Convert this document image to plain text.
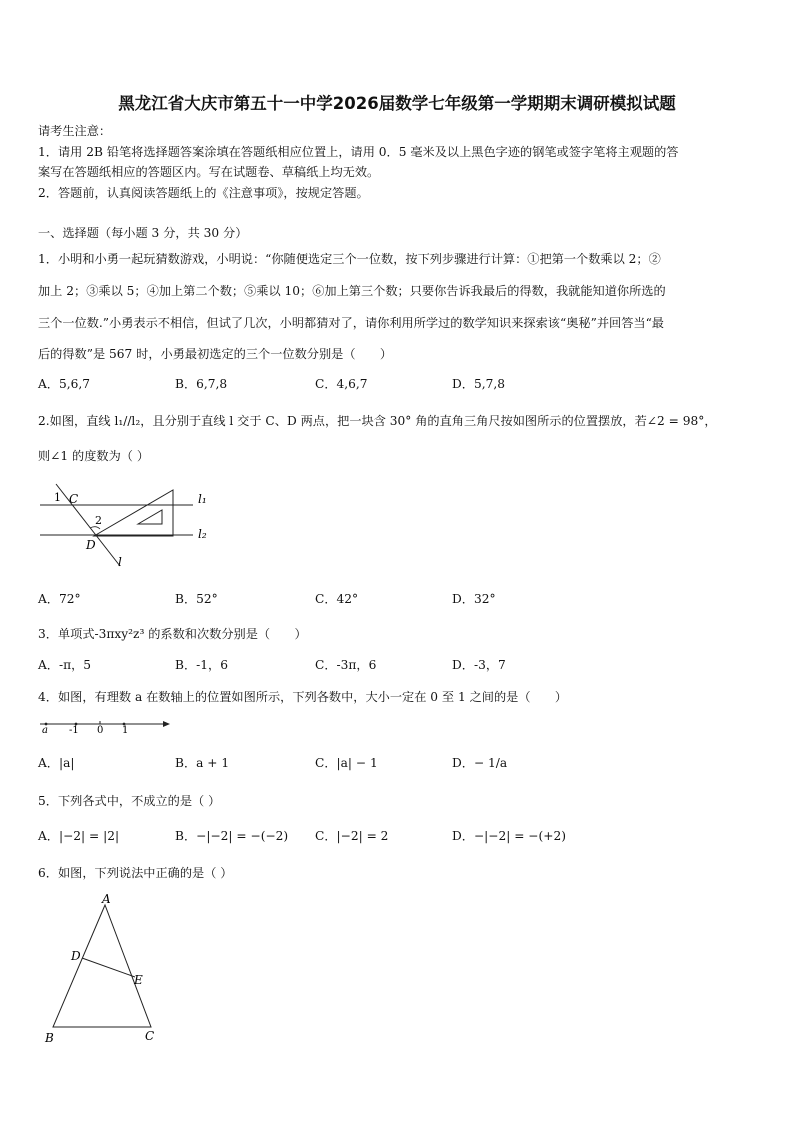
黑龙江省大庆市第五十一中学2026届数学七年级第一学期期末调研模拟试题
请考生注意：
1．请用 2B 铅笔将选择题答案涂填在答题纸相应位置上，请用 0．5 毫米及以上黑色字迹的钢笔或签字笔将主观题的答
案写在答题纸相应的答题区内。写在试题卷、草稿纸上均无效。
2．答题前，认真阅读答题纸上的《注意事项》，按规定答题。
一、选择题（每小题 3 分，共 30 分）
1．小明和小勇一起玩猜数游戏，小明说：“你随便选定三个一位数，按下列步骤进行计算：①把第一个数乘以 2；②
加上 2；③乘以 5；④加上第二个数；⑤乘以 10；⑥加上第三个数；只要你告诉我最后的得数，我就能知道你所选的
三个一位数.”小勇表示不相信，但试了几次，小明都猜对了，请你利用所学过的数学知识来探索该“奥秘”并回答当“最
后的得数”是 567 时，小勇最初选定的三个一位数分别是（　　）
A．5,6,7	B．6,7,8	C．4,6,7	D．5,7,8
2.如图，直线 l₁//l₂，且分别于直线 l 交于 C、D 两点，把一块含 30° 角的直角三角尺按如图所示的位置摆放，若∠2 = 98°，
则∠1 的度数为（ ）
1 C
2
D
l
l₁
l₂
A．72°	B．52°	C．42°	D．32°
3．单项式-3πxy²z³ 的系数和次数分别是（　　）
A．-π，5	B．-1，6	C．-3π，6	D．-3，7
4．如图，有理数 a 在数轴上的位置如图所示，下列各数中，大小一定在 0 至 1 之间的是（　　）
a -1 0 1
A．|a|	B．a + 1	C．|a| − 1	D．− 1/a
5．下列各式中，不成立的是（ ）
A．|−2| = |2|	B．−|−2| = −(−2) C．|−2| = 2	D．−|−2| = −(+2)
6．如图，下列说法中正确的是（ ）
A
D
E
B	C
